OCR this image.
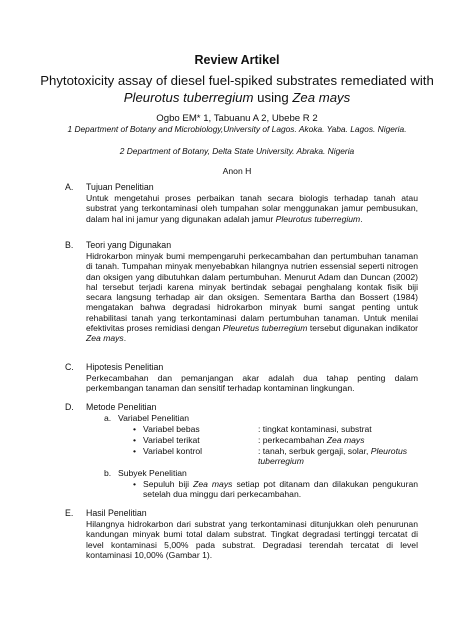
Review Artikel
Phytotoxicity assay of diesel fuel-spiked substrates remediated with Pleurotus tuberregium using Zea mays
Ogbo EM* 1, Tabuanu A 2, Ubebe R 2
1 Department of Botany and Microbiology,University of Lagos. Akoka. Yaba. Lagos. Nigeria.
2 Department of Botany, Delta State University. Abraka. Nigeria
Anon H
A. Tujuan Penelitian
Untuk mengetahui proses perbaikan tanah secara biologis terhadap tanah atau substrat yang terkontaminasi oleh tumpahan solar menggunakan jamur pembusukan, dalam hal ini jamur yang digunakan adalah jamur Pleurotus tuberregium.
B. Teori yang Digunakan
Hidrokarbon minyak bumi mempengaruhi perkecambahan dan pertumbuhan tanaman di tanah. Tumpahan minyak menyebabkan hilangnya nutrien essensial seperti nitrogen dan oksigen yang dibutuhkan dalam pertumbuhan. Menurut Adam dan Duncan (2002) hal tersebut terjadi karena minyak bertindak sebagai penghalang kontak fisik biji secara langsung terhadap air dan oksigen. Sementara Bartha dan Bossert (1984) mengatakan bahwa degradasi hidrokarbon minyak bumi sangat penting untuk rehabilitasi tanah yang terkontaminasi dalam pertumbuhan tanaman. Untuk menilai efektivitas proses remidiasi dengan Pleuretus tuberregium tersebut digunakan indikator Zea mays.
C. Hipotesis Penelitian
Perkecambahan dan pemanjangan akar adalah dua tahap penting dalam perkembangan tanaman dan sensitif terhadap kontaminan lingkungan.
D. Metode Penelitian
a. Variabel Penelitian
• Variabel bebas	: tingkat kontaminasi, substrat
• Variabel terikat	: perkecambahan Zea mays
• Variabel kontrol	: tanah, serbuk gergaji, solar, Pleurotus tuberregium
b. Subyek Penelitian
• Sepuluh biji Zea mays setiap pot ditanam dan dilakukan pengukuran setelah dua minggu dari perkecambahan.
E. Hasil Penelitian
Hilangnya hidrokarbon dari substrat yang terkontaminasi ditunjukkan oleh penurunan kandungan minyak bumi total dalam substrat. Tingkat degradasi tertinggi tercatat di level kontaminasi 5,00% pada substrat. Degradasi terendah tercatat di level kontaminasi 10,00% (Gambar 1).
